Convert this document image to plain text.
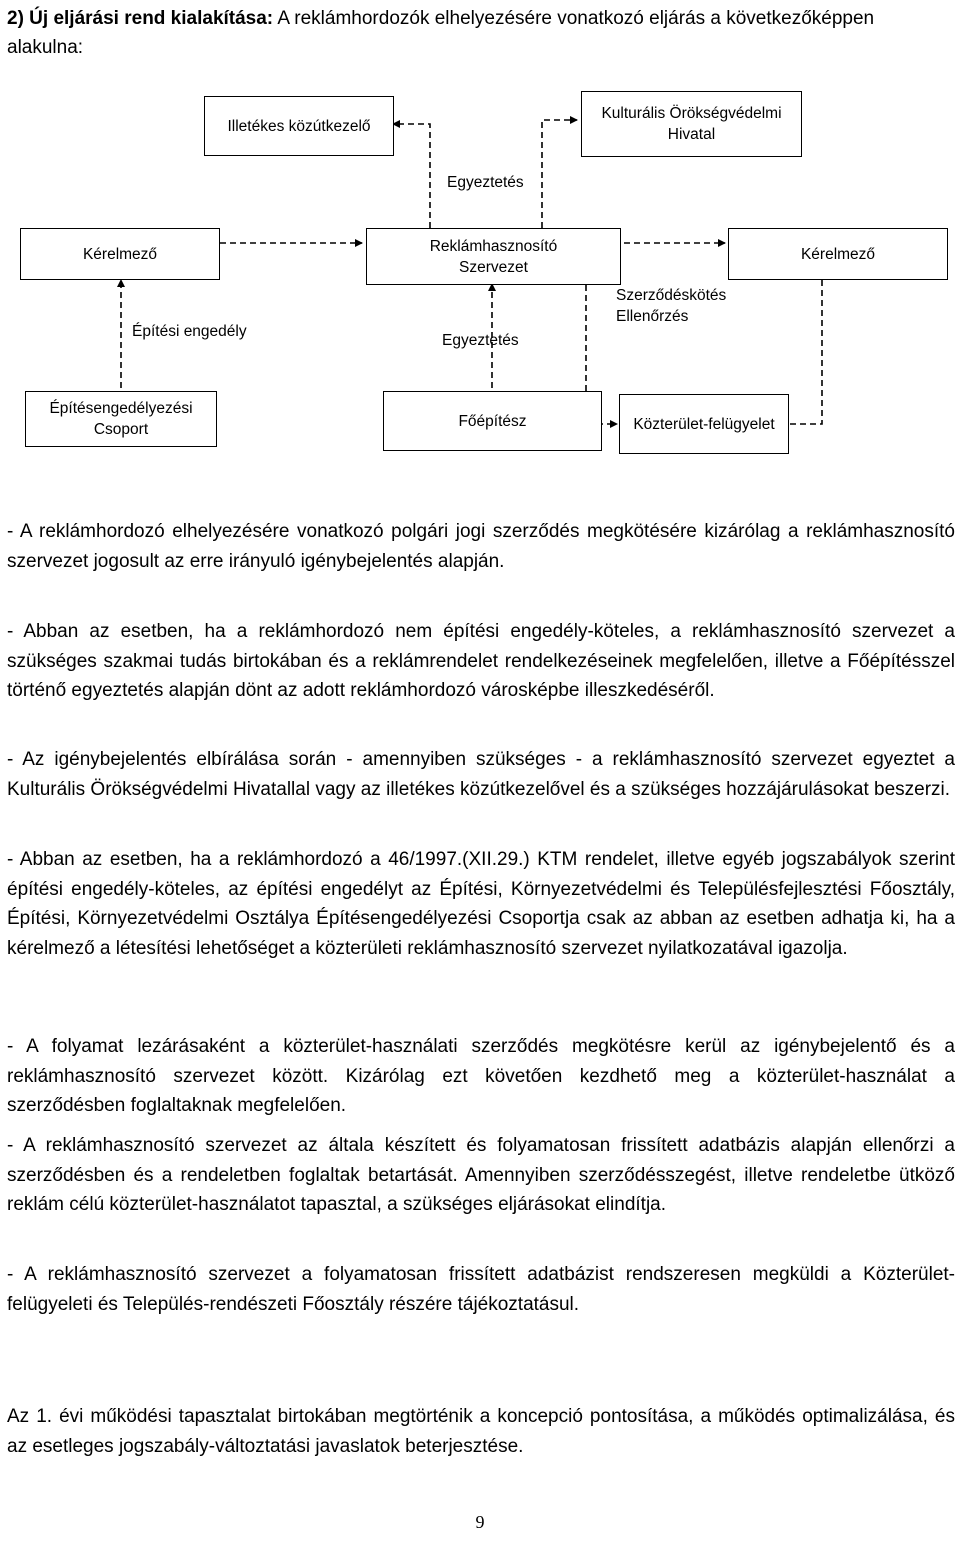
2) Új eljárási rend kialakítása: A reklámhordozók elhelyezésére vonatkozó eljárás a következőképpen alakulna:
Illetékes közútkezelő
Kulturális Örökségvédelmi Hivatal
Egyeztetés
Kérelmező	Reklámhasznosító
Szervezet
Kérelmező
Építési engedély
Egyeztetés
Szerződéskötés
Ellenőrzés
Építésengedélyezési
Csoport	Főépítész	Közterület-felügyelet
- A reklámhordozó elhelyezésére vonatkozó polgári jogi szerződés megkötésére kizárólag a reklámhasznosító szervezet jogosult az erre irányuló igénybejelentés alapján.
- Abban az esetben, ha a reklámhordozó nem építési engedély-köteles, a reklámhasznosító szervezet a szükséges szakmai tudás birtokában és a reklámrendelet rendelkezéseinek megfelelően, illetve a Főépítésszel történő egyeztetés alapján dönt az adott reklámhordozó városképbe illeszkedéséről.
- Az igénybejelentés elbírálása során - amennyiben szükséges - a reklámhasznosító szervezet egyeztet a Kulturális Örökségvédelmi Hivatallal vagy az illetékes közútkezelővel és a szükséges hozzájárulásokat beszerzi.
- Abban az esetben, ha a reklámhordozó a 46/1997.(XII.29.) KTM rendelet, illetve egyéb jogszabályok szerint építési engedély-köteles, az építési engedélyt az Építési, Környezetvédelmi és Településfejlesztési Főosztály, Építési, Környezetvédelmi Osztálya Építésengedélyezési Csoportja csak az abban az esetben adhatja ki, ha a kérelmező a létesítési lehetőséget a közterületi reklámhasznosító szervezet nyilatkozatával igazolja.
- A folyamat lezárásaként a közterület-használati szerződés megkötésre kerül az igénybejelentő és a reklámhasznosító szervezet között. Kizárólag ezt követően kezdhető meg a közterület-használat a szerződésben foglaltaknak megfelelően.
- A reklámhasznosító szervezet az általa készített és folyamatosan frissített adatbázis alapján ellenőrzi a szerződésben és a rendeletben foglaltak betartását. Amennyiben szerződésszegést, illetve rendeletbe ütköző reklám célú közterület-használatot tapasztal, a szükséges eljárásokat elindítja.
- A reklámhasznosító szervezet a folyamatosan frissített adatbázist rendszeresen megküldi a Közterület-felügyeleti és Település-rendészeti Főosztály részére tájékoztatásul.
Az 1. évi működési tapasztalat birtokában megtörténik a koncepció pontosítása, a működés optimalizálása, és az esetleges jogszabály-változtatási javaslatok beterjesztése.
9
